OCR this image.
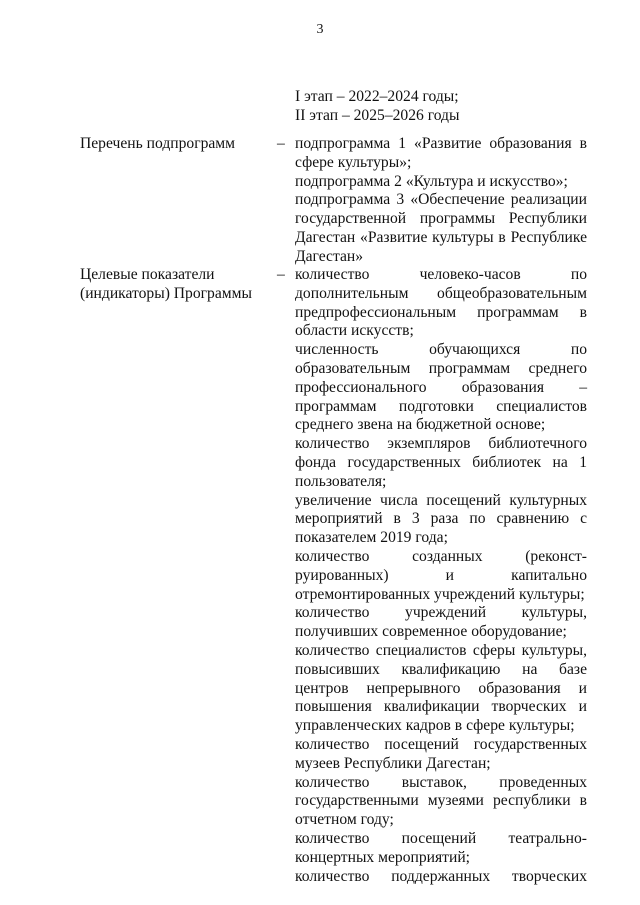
3
I этап – 2022–2024 годы;
II этап – 2025–2026 годы
Перечень подпрограмм	– подпрограмма 1 «Развитие образования в сфере культуры»;
подпрограмма 2 «Культура и искусство»;
подпрограмма 3 «Обеспечение реализации государственной программы Республики Дагестан «Развитие культуры в Республике Дагестан»
Целевые показатели
(индикаторы) Программы
– количество человеко-часов по дополнительным общеобразовательным предпрофессиональным программам в области искусств;
численность обучающихся по образовательным программам среднего профессионального образования – программам подготовки специалистов среднего звена на бюджетной основе;
количество экземпляров библиотечного фонда государственных библиотек на 1 пользователя;
увеличение числа посещений культурных мероприятий в 3 раза по сравнению с показателем 2019 года;
количество созданных (реконст-руированных) и капитально отремонтированных учреждений культуры;
количество учреждений культуры, получивших современное оборудование;
количество специалистов сферы культуры, повысивших квалификацию на базе центров непрерывного образования и повышения квалификации творческих и управленческих кадров в сфере культуры;
количество посещений государственных музеев Республики Дагестан;
количество выставок, проведенных государственными музеями республики в отчетном году;
количество посещений театрально-концертных мероприятий;
количество поддержанных творческих
